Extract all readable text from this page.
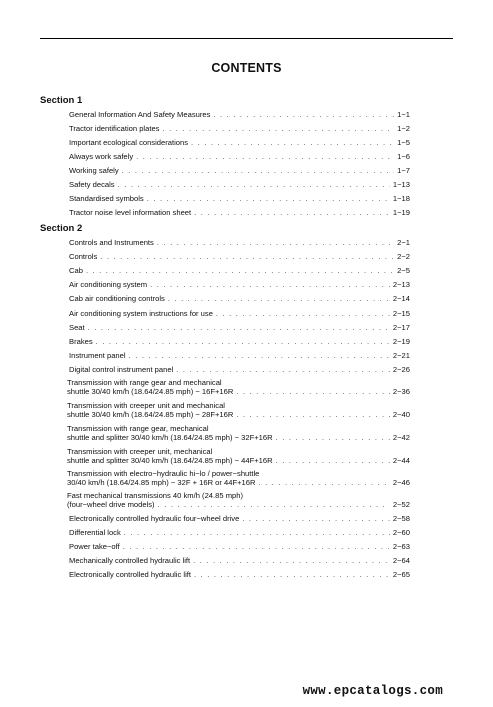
CONTENTS
Section 1
General Information And Safety Measures . . .	1−1
Tractor identification plates . . .	1−2
Important ecological considerations . . .	1−5
Always work safely . . .	1−6
Working safely . . .	1−7
Safety decals . . .	1−13
Standardised symbols . . .	1−18
Tractor noise level information sheet . . .	1−19
Section 2
Controls and Instruments . . .	2−1
Controls . . .	2−2
Cab . . .	2−5
Air conditioning system . . .	2−13
Cab air conditioning controls . . .	2−14
Air conditioning system instructions for use . . .	2−15
Seat . . .	2−17
Brakes . . .	2−19
Instrument panel . . .	2−21
Digital control instrument panel . . .	2−26
Transmission with range gear and mechanical
shuttle 30/40 km/h (18.64/24.85 mph) − 16F+16R . . .	2−36
Transmission with creeper unit and mechanical
shuttle 30/40 km/h (18.64/24.85 mph) − 28F+16R . . .	2−40
Transmission with range gear, mechanical
shuttle and splitter 30/40 km/h (18.64/24.85 mph) − 32F+16R . . .	2−42
Transmission with creeper unit, mechanical
shuttle and splitter 30/40 km/h (18.64/24.85 mph) − 44F+16R . . .	2−44
Transmission with electro−hydraulic hi−lo / power−shuttle
30/40 km/h (18.64/24.85 mph) − 32F + 16R or 44F+16R . . .	2−46
Fast mechanical transmissions 40 km/h (24.85 mph)
(four−wheel drive models) . . .	2−52
Electronically controlled hydraulic four−wheel drive . . .	2−58
Differential lock . . .	2−60
Power take−off . . .	2−63
Mechanically controlled hydraulic lift . . .	2−64
Electronically controlled hydraulic lift . . .	2−65
www.epcatalogs.com
